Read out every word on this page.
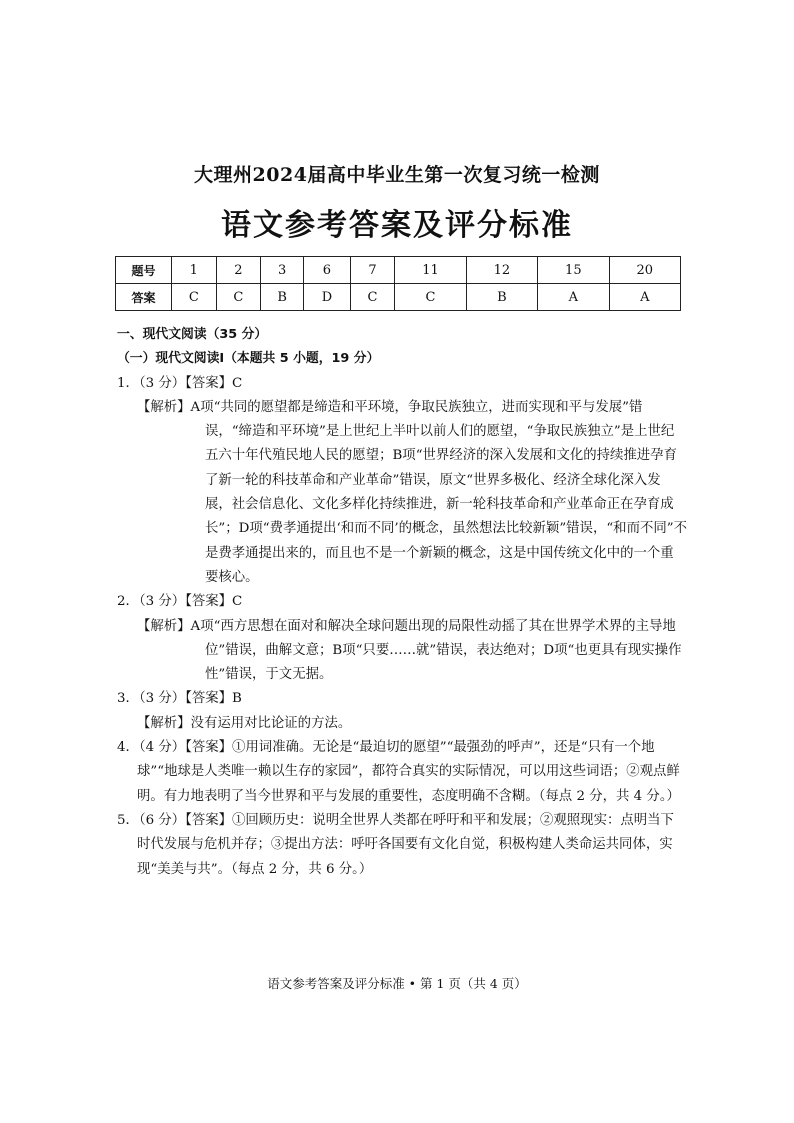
大理州2024届高中毕业生第一次复习统一检测
语文参考答案及评分标准
题号	1	2	3	6	7	11	12	15	20
答案	C	C	B	D	C	C	B	A	A
一、现代文阅读（35 分）
（一）现代文阅读Ⅰ（本题共 5 小题，19 分）
1．（3 分）【答案】C
【解析】A项“共同的愿望都是缔造和平环境，争取民族独立，进而实现和平与发展”错误，“缔造和平环境”是上世纪上半叶以前人们的愿望，“争取民族独立”是上世纪五六十年代殖民地人民的愿望；B项“世界经济的深入发展和文化的持续推进孕育了新一轮的科技革命和产业革命”错误，原文“世界多极化、经济全球化深入发展，社会信息化、文化多样化持续推进，新一轮科技革命和产业革命正在孕育成长”；D项“费孝通提出‘和而不同’的概念，虽然想法比较新颖”错误，“和而不同”不是费孝通提出来的，而且也不是一个新颖的概念，这是中国传统文化中的一个重要核心。
2．（3 分）【答案】C
【解析】A项“西方思想在面对和解决全球问题出现的局限性动摇了其在世界学术界的主导地位”错误，曲解文意；B项“只要……就”错误，表达绝对；D项“也更具有现实操作性”错误，于文无据。
3．（3 分）【答案】B
【解析】没有运用对比论证的方法。
4．（4 分）【答案】①用词准确。无论是“最迫切的愿望”“最强劲的呼声”，还是“只有一个地球”“地球是人类唯一赖以生存的家园”，都符合真实的实际情况，可以用这些词语；②观点鲜明。有力地表明了当今世界和平与发展的重要性，态度明确不含糊。（每点 2 分，共 4 分。）
5．（6 分）【答案】①回顾历史：说明全世界人类都在呼吁和平和发展；②观照现实：点明当下时代发展与危机并存；③提出方法：呼吁各国要有文化自觉，积极构建人类命运共同体，实现“美美与共”。（每点 2 分，共 6 分。）
语文参考答案及评分标准 • 第 1 页（共 4 页）
